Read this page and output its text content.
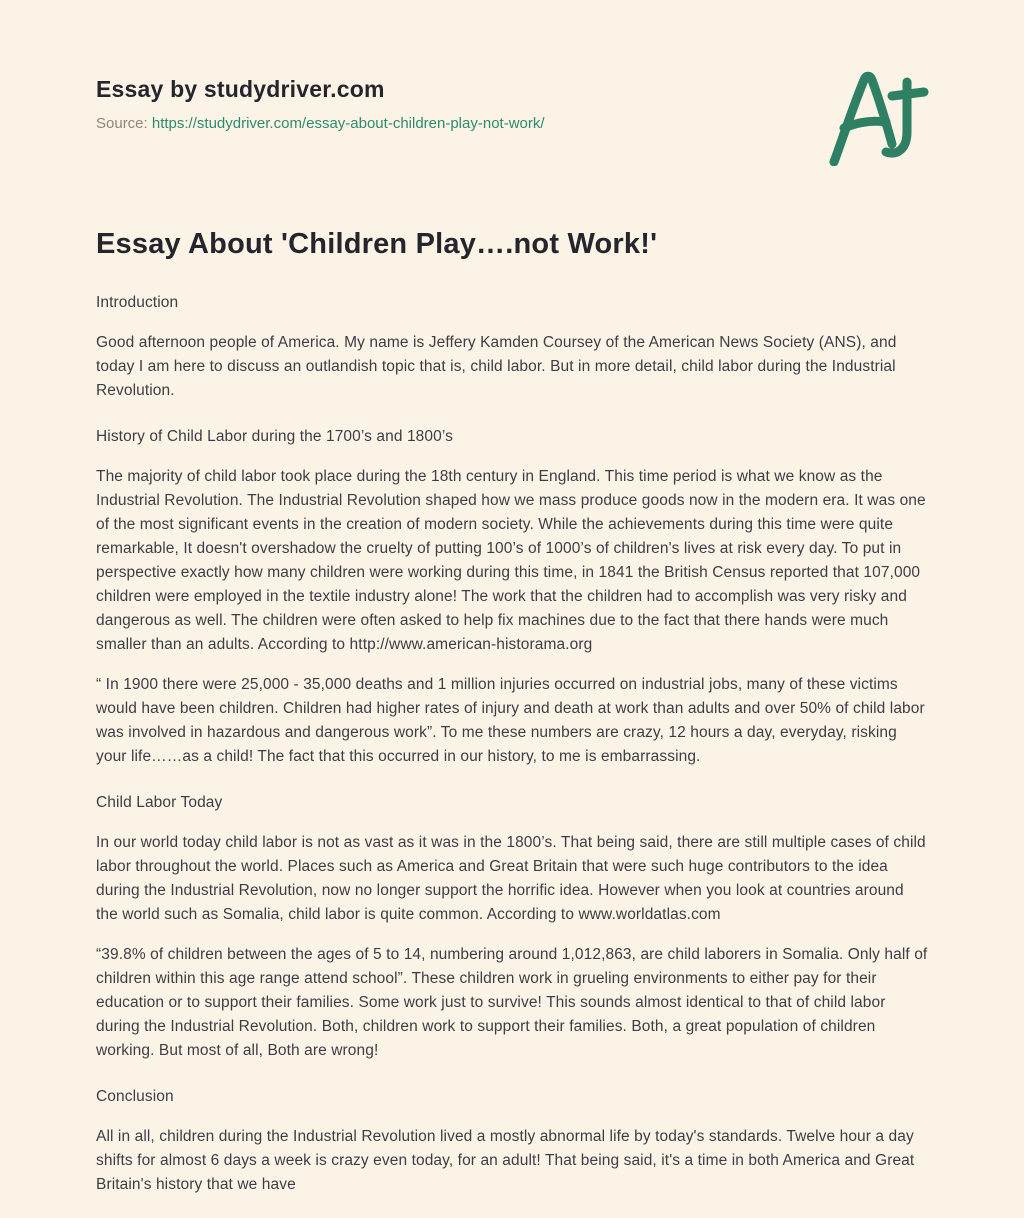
Essay by studydriver.com
Source: https://studydriver.com/essay-about-children-play-not-work/
Essay About 'Children Play….not Work!'

Introduction

Good afternoon people of America. My name is Jeffery Kamden Coursey of the American News Society (ANS), and today I am here to discuss an outlandish topic that is, child labor. But in more detail, child labor during the Industrial Revolution.

History of Child Labor during the 1700’s and 1800’s

The majority of child labor took place during the 18th century in England. This time period is what we know as the Industrial Revolution. The Industrial Revolution shaped how we mass produce goods now in the modern era. It was one of the most significant events in the creation of modern society. While the achievements during this time were quite remarkable, It doesn't overshadow the cruelty of putting 100’s of 1000’s of children's lives at risk every day. To put in perspective exactly how many children were working during this time, in 1841 the British Census reported that 107,000 children were employed in the textile industry alone! The work that the children had to accomplish was very risky and dangerous as well. The children were often asked to help fix machines due to the fact that there hands were much smaller than an adults. According to http://www.american-historama.org

“ In 1900 there were 25,000 - 35,000 deaths and 1 million injuries occurred on industrial jobs, many of these victims would have been children. Children had higher rates of injury and death at work than adults and over 50% of child labor was involved in hazardous and dangerous work”. To me these numbers are crazy, 12 hours a day, everyday, risking your life……as a child! The fact that this occurred in our history, to me is embarrassing.

Child Labor Today

In our world today child labor is not as vast as it was in the 1800’s. That being said, there are still multiple cases of child labor throughout the world. Places such as America and Great Britain that were such huge contributors to the idea during the Industrial Revolution, now no longer support the horrific idea. However when you look at countries around the world such as Somalia, child labor is quite common. According to www.worldatlas.com

“39.8% of children between the ages of 5 to 14, numbering around 1,012,863, are child laborers in Somalia. Only half of children within this age range attend school”. These children work in grueling environments to either pay for their education or to support their families. Some work just to survive! This sounds almost identical to that of child labor during the Industrial Revolution. Both, children work to support their families. Both, a great population of children working. But most of all, Both are wrong!

Conclusion

All in all, children during the Industrial Revolution lived a mostly abnormal life by today's standards. Twelve hour a day shifts for almost 6 days a week is crazy even today, for an adult! That being said, it's a time in both America and Great Britain's history that we have
